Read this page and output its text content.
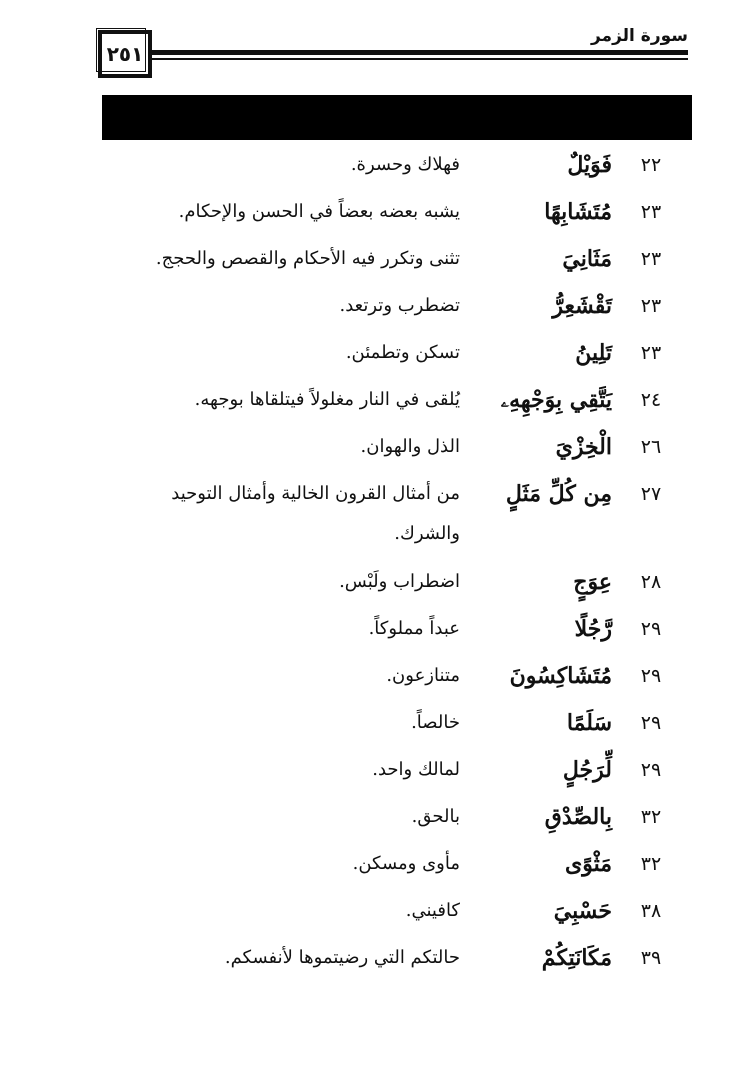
٢٥١
سورة الزمر
٢٢
فَوَيْلٌ
فهلاك وحسرة.
٢٣
مُتَشَابِهًا
يشبه بعضه بعضاً في الحسن والإحكام.
٢٣
مَثَانِيَ
تثنى وتكرر فيه الأحكام والقصص والحجج.
٢٣
تَقْشَعِرُّ
تضطرب وترتعد.
٢٣
تَلِينُ
تسكن وتطمئن.
٢٤
يَتَّقِي بِوَجْهِهِۦ
يُلقى في النار مغلولاً فيتلقاها بوجهه.
٢٦
الْخِزْيَ
الذل والهوان.
٢٧
مِن كُلِّ مَثَلٍ
من أمثال القرون الخالية وأمثال التوحيد والشرك.
٢٨
عِوَجٍ
اضطراب ولَبْس.
٢٩
رَّجُلًا
عبداً مملوكاً.
٢٩
مُتَشَاكِسُونَ
متنازعون.
٢٩
سَلَمًا
خالصاً.
٢٩
لِّرَجُلٍ
لمالك واحد.
٣٢
بِالصِّدْقِ
بالحق.
٣٢
مَثْوًى
مأوى ومسكن.
٣٨
حَسْبِيَ
كافيني.
٣٩
مَكَانَتِكُمْ
حالتكم التي رضيتموها لأنفسكم.
